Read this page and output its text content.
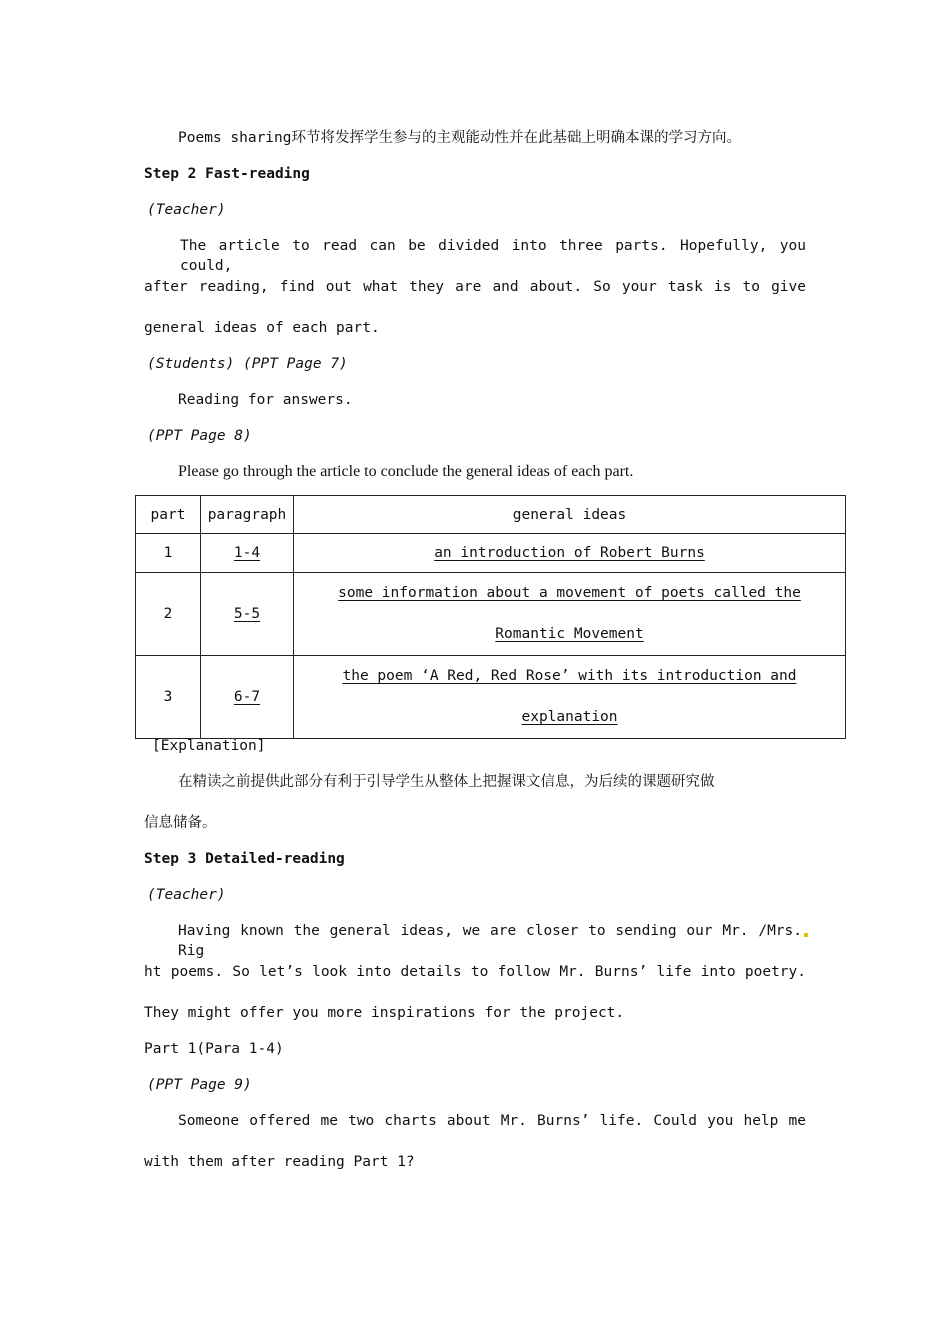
Poems sharing环节将发挥学生参与的主观能动性并在此基础上明确本课的学习方向。
Step 2 Fast-reading
(Teacher)
The article to read can be divided into three parts. Hopefully, you could,
after reading, find out what they are and about. So your task is to give
general ideas of each part.
(Students) (PPT Page 7)
Reading for answers.
(PPT Page 8)
Please go through the article to conclude the general ideas of each part.
part	paragraph	general ideas
1	1-4	an introduction of Robert Burns
2	5-5	some information about a movement of poets called the Romantic Movement
3	6-7	the poem ‘A Red, Red Rose’ with its introduction and explanation
[Explanation]
在精读之前提供此部分有利于引导学生从整体上把握课文信息，为后续的课题研究做
信息储备。
Step 3 Detailed-reading
(Teacher)
Having known the general ideas, we are closer to sending our Mr. /Mrs. Rig
ht poems. So let’s look into details to follow Mr. Burns’ life into poetry.
They might offer you more inspirations for the project.
Part 1(Para 1-4)
(PPT Page 9)
Someone offered me two charts about Mr. Burns’ life. Could you help me
with them after reading Part 1?
